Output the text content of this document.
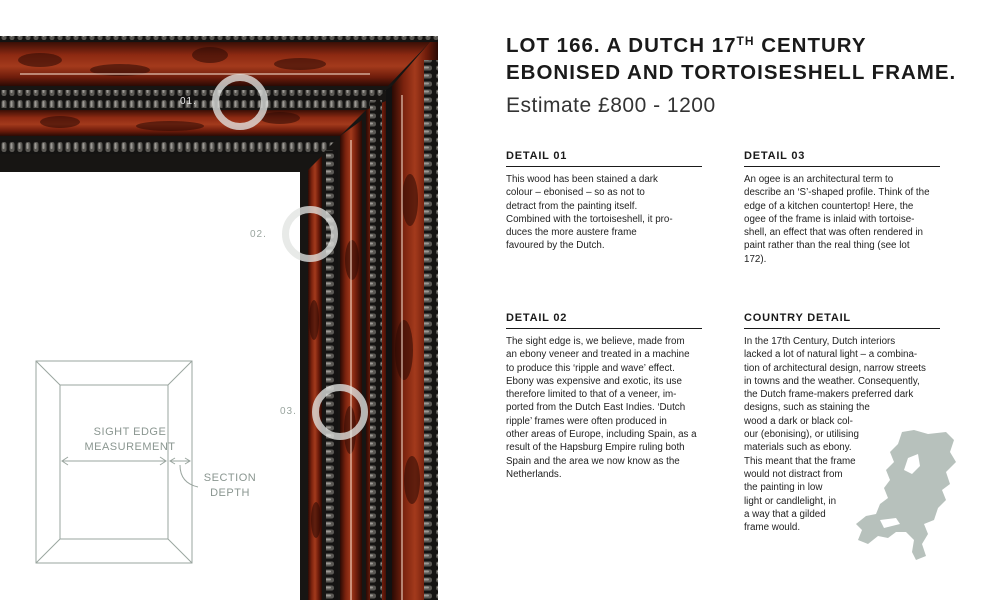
01.
02.
03.
SIGHT EDGE
MEASUREMENT
SECTION
DEPTH
LOT 166. A DUTCH 17TH CENTURY
EBONISED AND TORTOISESHELL FRAME.
Estimate £800 - 1200
DETAIL 01

This wood has been stained a dark
colour – ebonised – so as not to
detract from the painting itself.
Combined with the tortoiseshell, it pro-
duces the more austere frame
favoured by the Dutch.

DETAIL 03

An ogee is an architectural term to
describe an ‘S’-shaped profile. Think of the
edge of a kitchen countertop! Here, the
ogee of the frame is inlaid with tortoise-
shell, an effect that was often rendered in
paint rather than the real thing (see lot
172).

DETAIL 02

The sight edge is, we believe, made from
an ebony veneer and treated in a machine
to produce this ‘ripple and wave’ effect.
Ebony was expensive and exotic, its use
therefore limited to that of a veneer, im-
ported from the Dutch East Indies. ‘Dutch
ripple’ frames were often produced in
other areas of Europe, including Spain, as a
result of the Hapsburg Empire ruling both
Spain and the area we now know as the
Netherlands.

COUNTRY DETAIL

In the 17th Century, Dutch interiors
lacked a lot of natural light – a combina-
tion of architectural design, narrow streets
in towns and the weather. Consequently,
the Dutch frame-makers preferred dark
designs, such as staining the
wood a dark or black col-
our (ebonising), or utilising
materials such as ebony.
This meant that the frame
would not distract from
the painting in low
light or candlelight, in
a way that a gilded
frame would.
